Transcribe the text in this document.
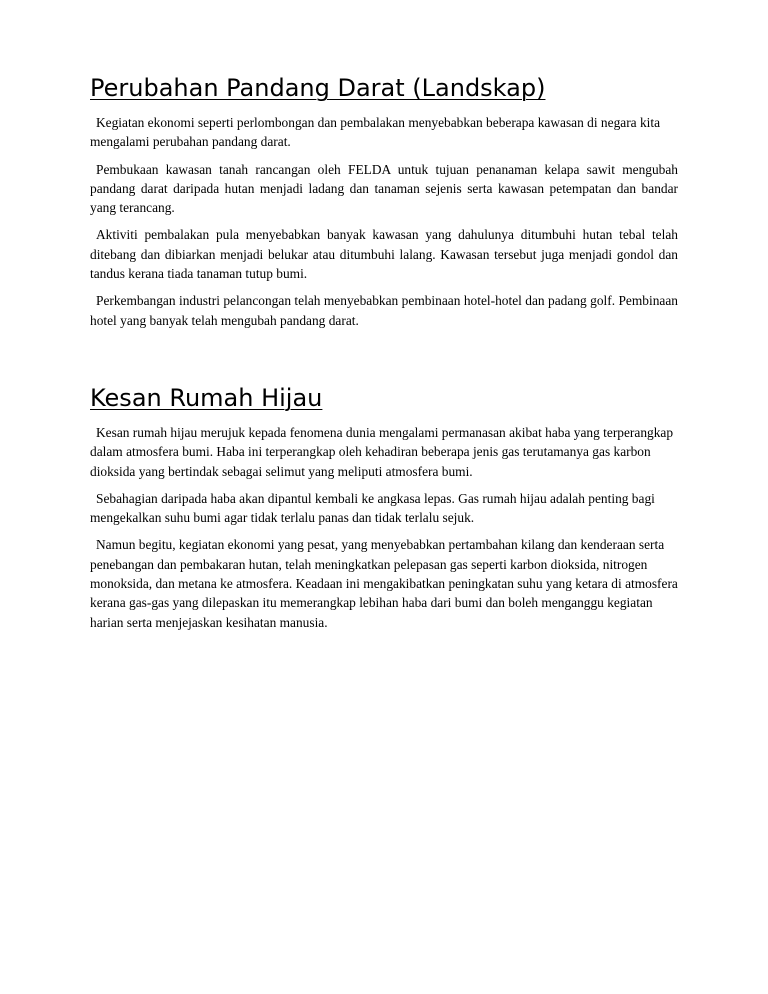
Perubahan Pandang Darat (Landskap)

Kegiatan ekonomi seperti perlombongan dan pembalakan menyebabkan beberapa kawasan di negara kita mengalami perubahan pandang darat.

Pembukaan kawasan tanah rancangan oleh FELDA untuk tujuan penanaman kelapa sawit mengubah pandang darat daripada hutan menjadi ladang dan tanaman sejenis serta kawasan petempatan dan bandar yang terancang.

Aktiviti pembalakan pula menyebabkan banyak kawasan yang dahulunya ditumbuhi hutan tebal telah ditebang dan dibiarkan menjadi belukar atau ditumbuhi lalang. Kawasan tersebut juga menjadi gondol dan tandus kerana tiada tanaman tutup bumi.

Perkembangan industri pelancongan telah menyebabkan pembinaan hotel-hotel dan padang golf. Pembinaan hotel yang banyak telah mengubah pandang darat.

Kesan Rumah Hijau

Kesan rumah hijau merujuk kepada fenomena dunia mengalami permanasan akibat haba yang terperangkap dalam atmosfera bumi. Haba ini terperangkap oleh kehadiran beberapa jenis gas terutamanya gas karbon dioksida yang bertindak sebagai selimut yang meliputi atmosfera bumi.

Sebahagian daripada haba akan dipantul kembali ke angkasa lepas. Gas rumah hijau adalah penting bagi mengekalkan suhu bumi agar tidak terlalu panas dan tidak terlalu sejuk.

Namun begitu, kegiatan ekonomi yang pesat, yang menyebabkan pertambahan kilang dan kenderaan serta penebangan dan pembakaran hutan, telah meningkatkan pelepasan gas seperti karbon dioksida, nitrogen monoksida, dan metana ke atmosfera. Keadaan ini mengakibatkan peningkatan suhu yang ketara di atmosfera kerana gas-gas yang dilepaskan itu memerangkap lebihan haba dari bumi dan boleh menganggu kegiatan harian serta menjejaskan kesihatan manusia.
